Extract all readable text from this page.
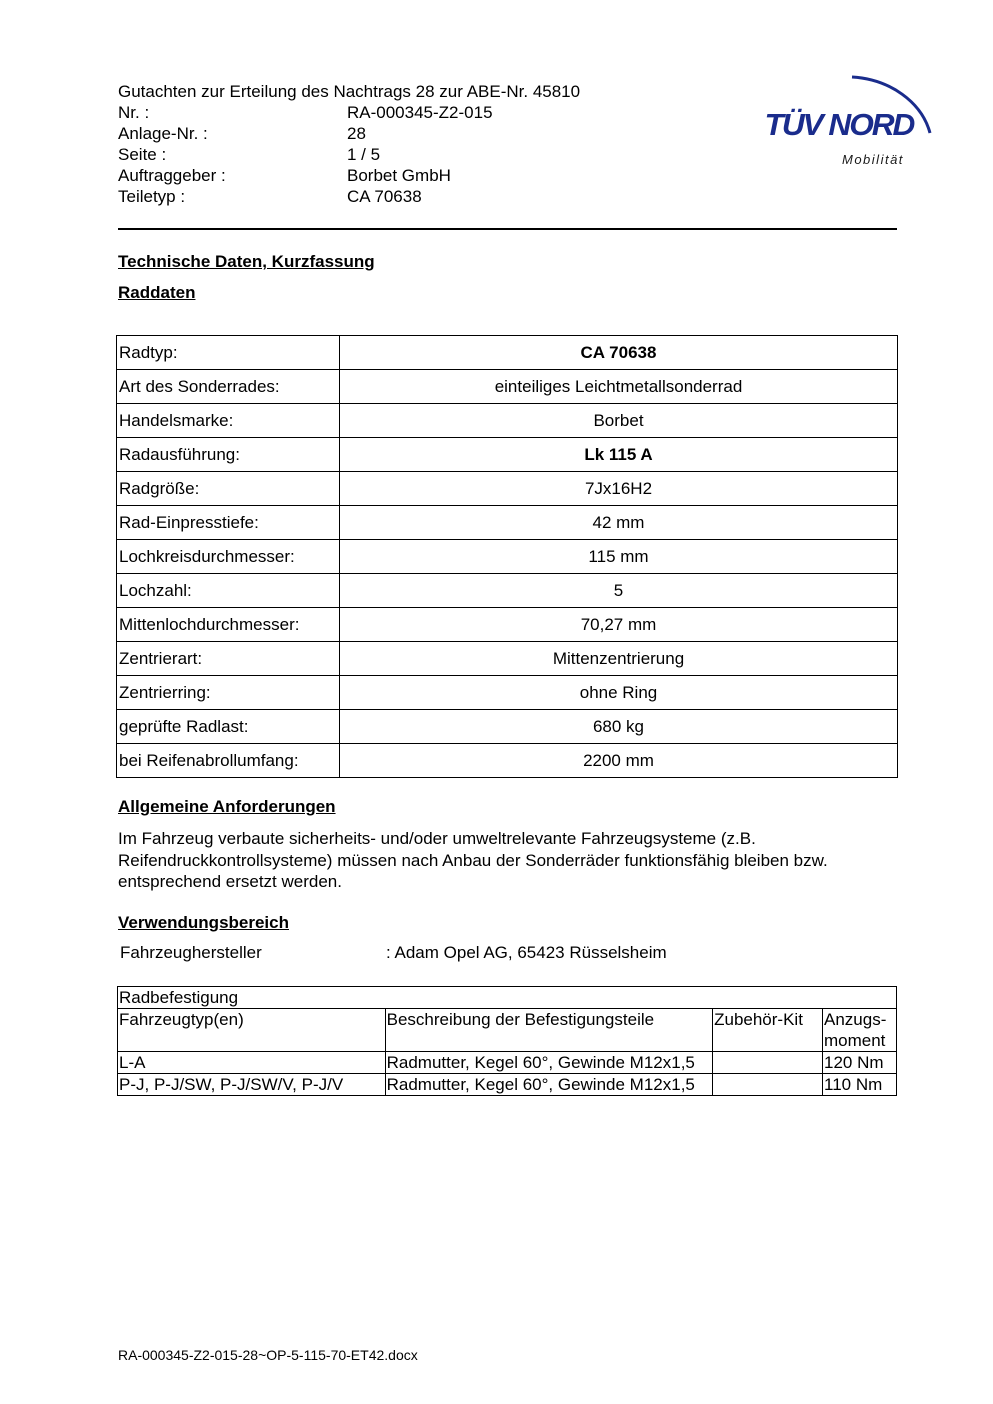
Gutachten zur Erteilung des Nachtrags 28 zur ABE-Nr. 45810
Nr. :	RA-000345-Z2-015
Anlage-Nr. :	28
Seite :	1 / 5
Auftraggeber :	Borbet GmbH
Teiletyp :	CA 70638
TÜV NORD
Mobilität
Technische Daten, Kurzfassung
Raddaten
Radtyp:	CA 70638
Art des Sonderrades:	einteiliges Leichtmetallsonderrad
Handelsmarke:	Borbet
Radausführung:	Lk 115 A
Radgröße:	7Jx16H2
Rad-Einpresstiefe:	42 mm
Lochkreisdurchmesser:	115 mm
Lochzahl:	5
Mittenlochdurchmesser:	70,27 mm
Zentrierart:	Mittenzentrierung
Zentrierring:	ohne Ring
geprüfte Radlast:	680 kg
bei Reifenabrollumfang:	2200 mm
Allgemeine Anforderungen
Im Fahrzeug verbaute sicherheits- und/oder umweltrelevante Fahrzeugsysteme (z.B. Reifendruckkontrollsysteme) müssen nach Anbau der Sonderräder funktionsfähig bleiben bzw. entsprechend ersetzt werden.
Verwendungsbereich
Fahrzeughersteller	: Adam Opel AG, 65423 Rüsselsheim
Radbefestigung			
Fahrzeugtyp(en)	Beschreibung der Befestigungsteile	Zubehör-Kit	Anzugs-moment
L-A	Radmutter, Kegel 60°, Gewinde M12x1,5		120 Nm
P-J, P-J/SW, P-J/SW/V, P-J/V	Radmutter, Kegel 60°, Gewinde M12x1,5		110 Nm
RA-000345-Z2-015-28~OP-5-115-70-ET42.docx
